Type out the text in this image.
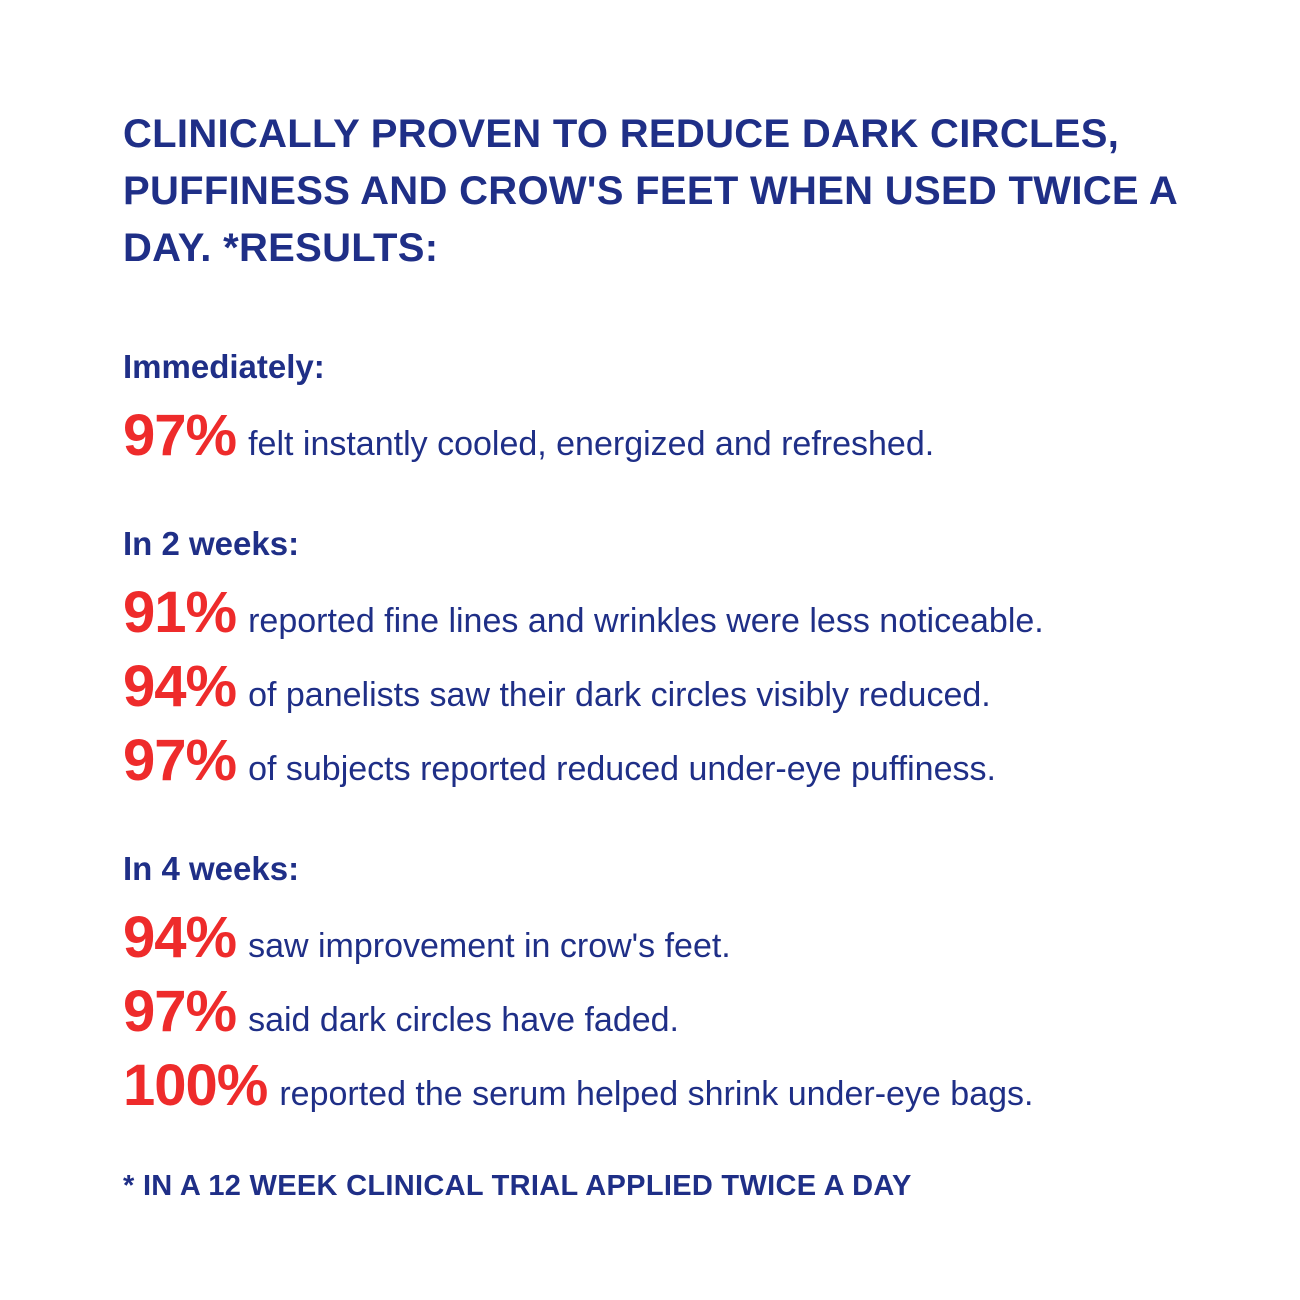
CLINICALLY PROVEN TO REDUCE DARK CIRCLES, PUFFINESS AND CROW'S FEET WHEN USED TWICE A DAY. *RESULTS:
Immediately:
97% felt instantly cooled, energized and refreshed.
In 2 weeks:
91% reported fine lines and wrinkles were less noticeable.
94% of panelists saw their dark circles visibly reduced.
97% of subjects reported reduced under-eye puffiness.
In 4 weeks:
94% saw improvement in crow's feet.
97% said dark circles have faded.
100% reported the serum helped shrink under-eye bags.

* IN A 12 WEEK CLINICAL TRIAL APPLIED TWICE A DAY
